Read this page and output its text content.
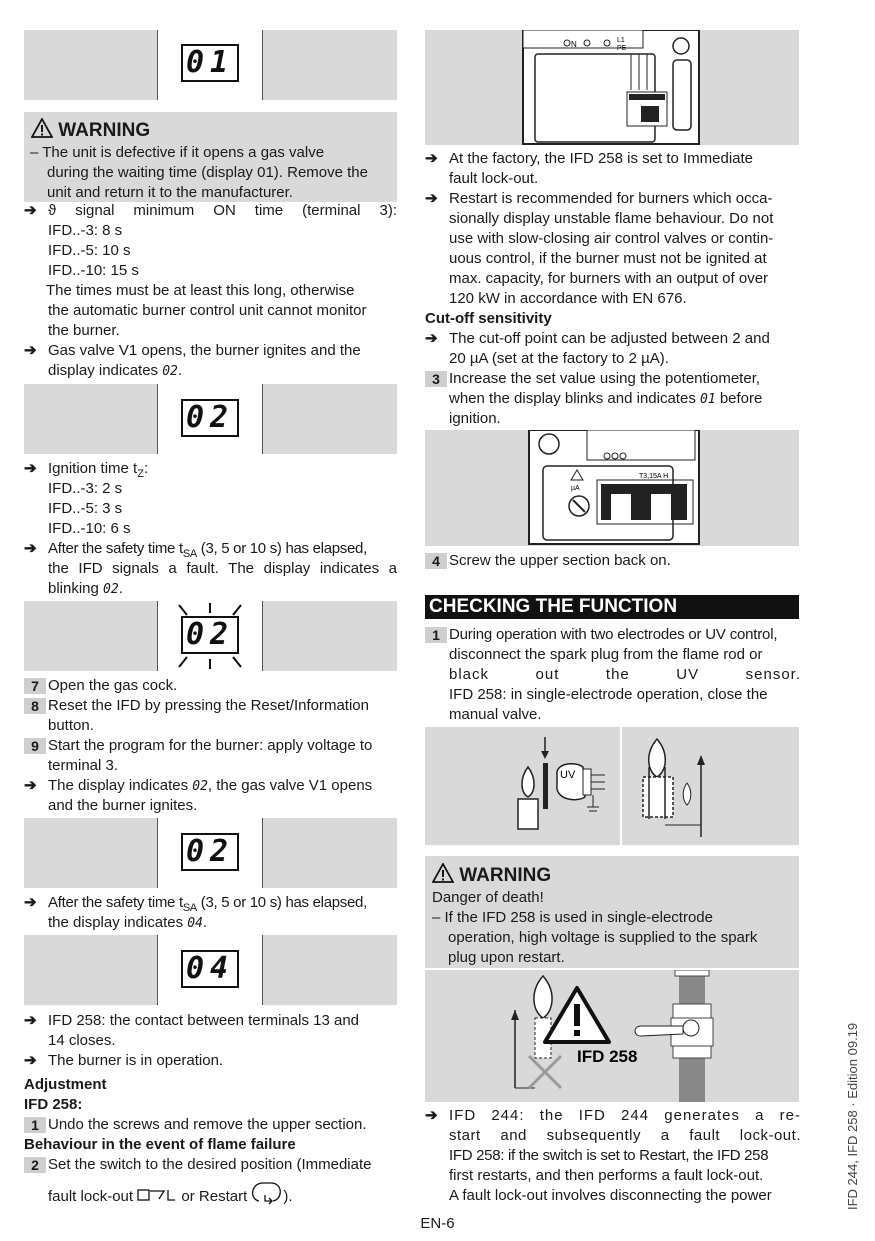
01
WARNING
– The unit is defective if it opens a gas valve
during the waiting time (display 01). Remove the
unit and return it to the manufacturer.
➔ ϑ signal minimum ON time (terminal 3):
IFD..-3: 8 s
IFD..-5: 10 s
IFD..-10: 15 s
The times must be at least this long, otherwise
the automatic burner control unit cannot monitor
the burner.
➔ Gas valve V1 opens, the burner ignites and the
display indicates 02.
02
➔ Ignition time $t_Z$:
IFD..-3: 2 s
IFD..-5: 3 s
IFD..-10: 6 s
➔ After the safety time $t_{SA}$ (3, 5 or 10 s) has elapsed,
the IFD signals a fault. The display indicates a
blinking 02.
02
7 Open the gas cock.
8 Reset the IFD by pressing the Reset/Information
button.
9 Start the program for the burner: apply voltage to
terminal 3.
➔ The display indicates 02, the gas valve V1 opens
and the burner ignites.
02
➔ After the safety time $t_{SA}$ (3, 5 or 10 s) has elapsed,
the display indicates 04.
04
➔ IFD 258: the contact between terminals 13 and
14 closes.
➔ The burner is in operation.
Adjustment
IFD 258:
1 Undo the screws and remove the upper section.
Behaviour in the event of flame failure
2 Set the switch to the desired position (Immediate
fault lock-out	or Restart ).
N	L1
PE
➔ At the factory, the IFD 258 is set to Immediate
fault lock-out.
➔ Restart is recommended for burners which occa-
sionally display unstable flame behaviour. Do not
use with slow-closing air control valves or contin-
uous control, if the burner must not be ignited at
max. capacity, for burners with an output of over
120 kW in accordance with EN 676.
Cut-off sensitivity
➔ The cut-off point can be adjusted between 2 and
20 µA (set at the factory to 2 µA).
3 Increase the set value using the potentiometer,
when the display blinks and indicates 01 before
ignition.
T3,15A H
µA
4 Screw the upper section back on.
CHECKING THE FUNCTION
1 During operation with two electrodes or UV control,
disconnect the spark plug from the flame rod or
black out the UV sensor.
IFD 258: in single-electrode operation, close the
manual valve.
UV
WARNING
Danger of death!
– If the IFD 258 is used in single-electrode
operation, high voltage is supplied to the spark
plug upon restart.
IFD 258
➔ IFD 244: the IFD 244 generates a re-
start and subsequently a fault lock-out.
IFD 258: if the switch is set to Restart, the IFD 258
first restarts, and then performs a fault lock-out.
A fault lock-out involves disconnecting the power	IFD 244, IFD 258 · Edition 09.19
EN-6
